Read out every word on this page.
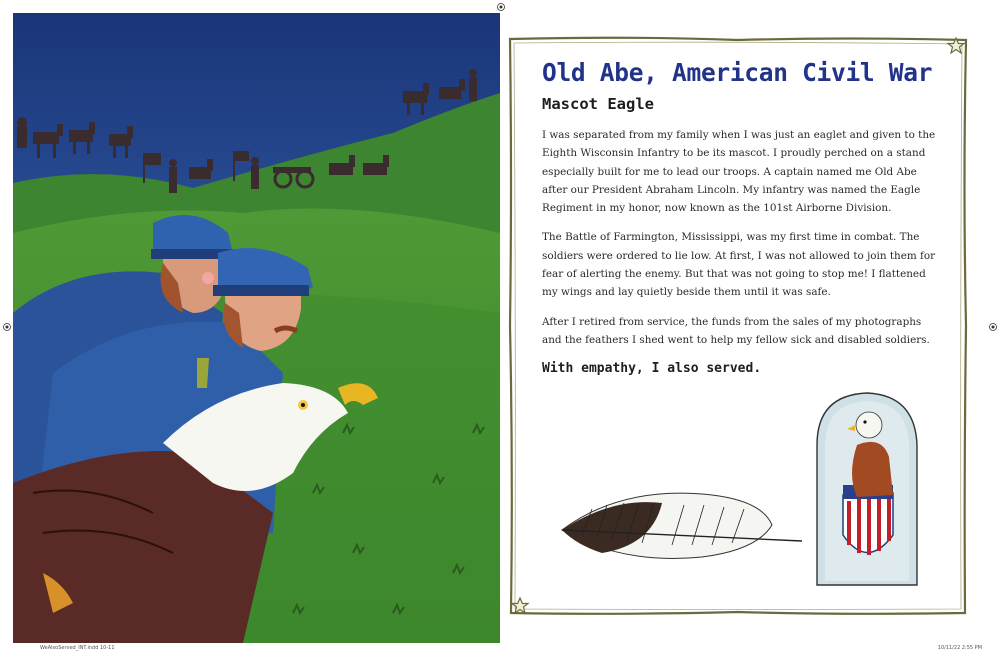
Old Abe, American Civil War
Mascot Eagle

I was separated from my family when I was just an eaglet and given to the Eighth Wisconsin Infantry to be its mascot. I proudly perched on a stand especially built for me to lead our troops. A captain named me Old Abe after our President Abraham Lincoln. My infantry was named the Eagle Regiment in my honor, now known as the 101st Airborne Division.

The Battle of Farmington, Mississippi, was my first time in combat. The soldiers were ordered to lie low. At first, I was not allowed to join them for fear of alerting the enemy. But that was not going to stop me! I flattened my wings and lay quietly beside them until it was safe.

After I retired from service, the funds from the sales of my photographs and the feathers I shed went to help my fellow sick and disabled soldiers.

With empathy, I also served.

WeAlsoServed_INT.indd 10-11	10/11/22 2:55 PM
